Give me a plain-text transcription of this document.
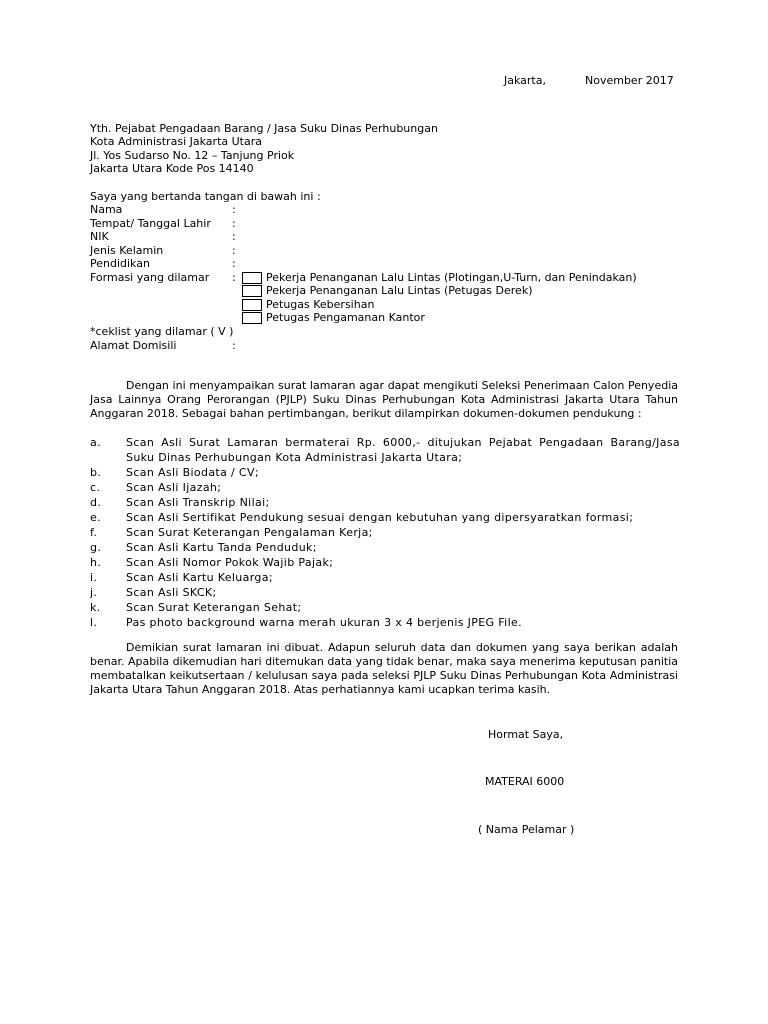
Jakarta,	November 2017
Yth. Pejabat Pengadaan Barang / Jasa Suku Dinas Perhubungan
Kota Administrasi Jakarta Utara
Jl. Yos Sudarso No. 12 – Tanjung Priok
Jakarta Utara Kode Pos 14140
Saya yang bertanda tangan di bawah ini :
Nama	:
Tempat/ Tanggal Lahir :
NIK	:
Jenis Kelamin	:
Pendidikan	:
Formasi yang dilamar :	Pekerja Penanganan Lalu Lintas (Plotingan,U-Turn, dan Penindakan)
Pekerja Penanganan Lalu Lintas (Petugas Derek)
Petugas Kebersihan
Petugas Pengamanan Kantor
*ceklist yang dilamar ( V )
Alamat Domisili	:

Dengan ini menyampaikan surat lamaran agar dapat mengikuti Seleksi Penerimaan Calon Penyedia Jasa Lainnya Orang Perorangan (PJLP) Suku Dinas Perhubungan Kota Administrasi Jakarta Utara Tahun Anggaran 2018. Sebagai bahan pertimbangan, berikut dilampirkan dokumen-dokumen pendukung :

a. Scan Asli Surat Lamaran bermaterai Rp. 6000,- ditujukan Pejabat Pengadaan Barang/Jasa Suku Dinas Perhubungan Kota Administrasi Jakarta Utara;
b. Scan Asli Biodata / CV;
c. Scan Asli Ijazah;
d. Scan Asli Transkrip Nilai;
e. Scan Asli Sertifikat Pendukung sesuai dengan kebutuhan yang dipersyaratkan formasi;
f.	Scan Surat Keterangan Pengalaman Kerja;
g. Scan Asli Kartu Tanda Penduduk;
h. Scan Asli Nomor Pokok Wajib Pajak;
i.	Scan Asli Kartu Keluarga;
j.	Scan Asli SKCK;
k. Scan Surat Keterangan Sehat;
l.	Pas photo background warna merah ukuran 3 x 4 berjenis JPEG File.

Demikian surat lamaran ini dibuat. Adapun seluruh data dan dokumen yang saya berikan adalah benar. Apabila dikemudian hari ditemukan data yang tidak benar, maka saya menerima keputusan panitia membatalkan keikutsertaan / kelulusan saya pada seleksi PJLP Suku Dinas Perhubungan Kota Administrasi Jakarta Utara Tahun Anggaran 2018. Atas perhatiannya kami ucapkan terima kasih.

Hormat Saya,
MATERAI 6000
( Nama Pelamar )
